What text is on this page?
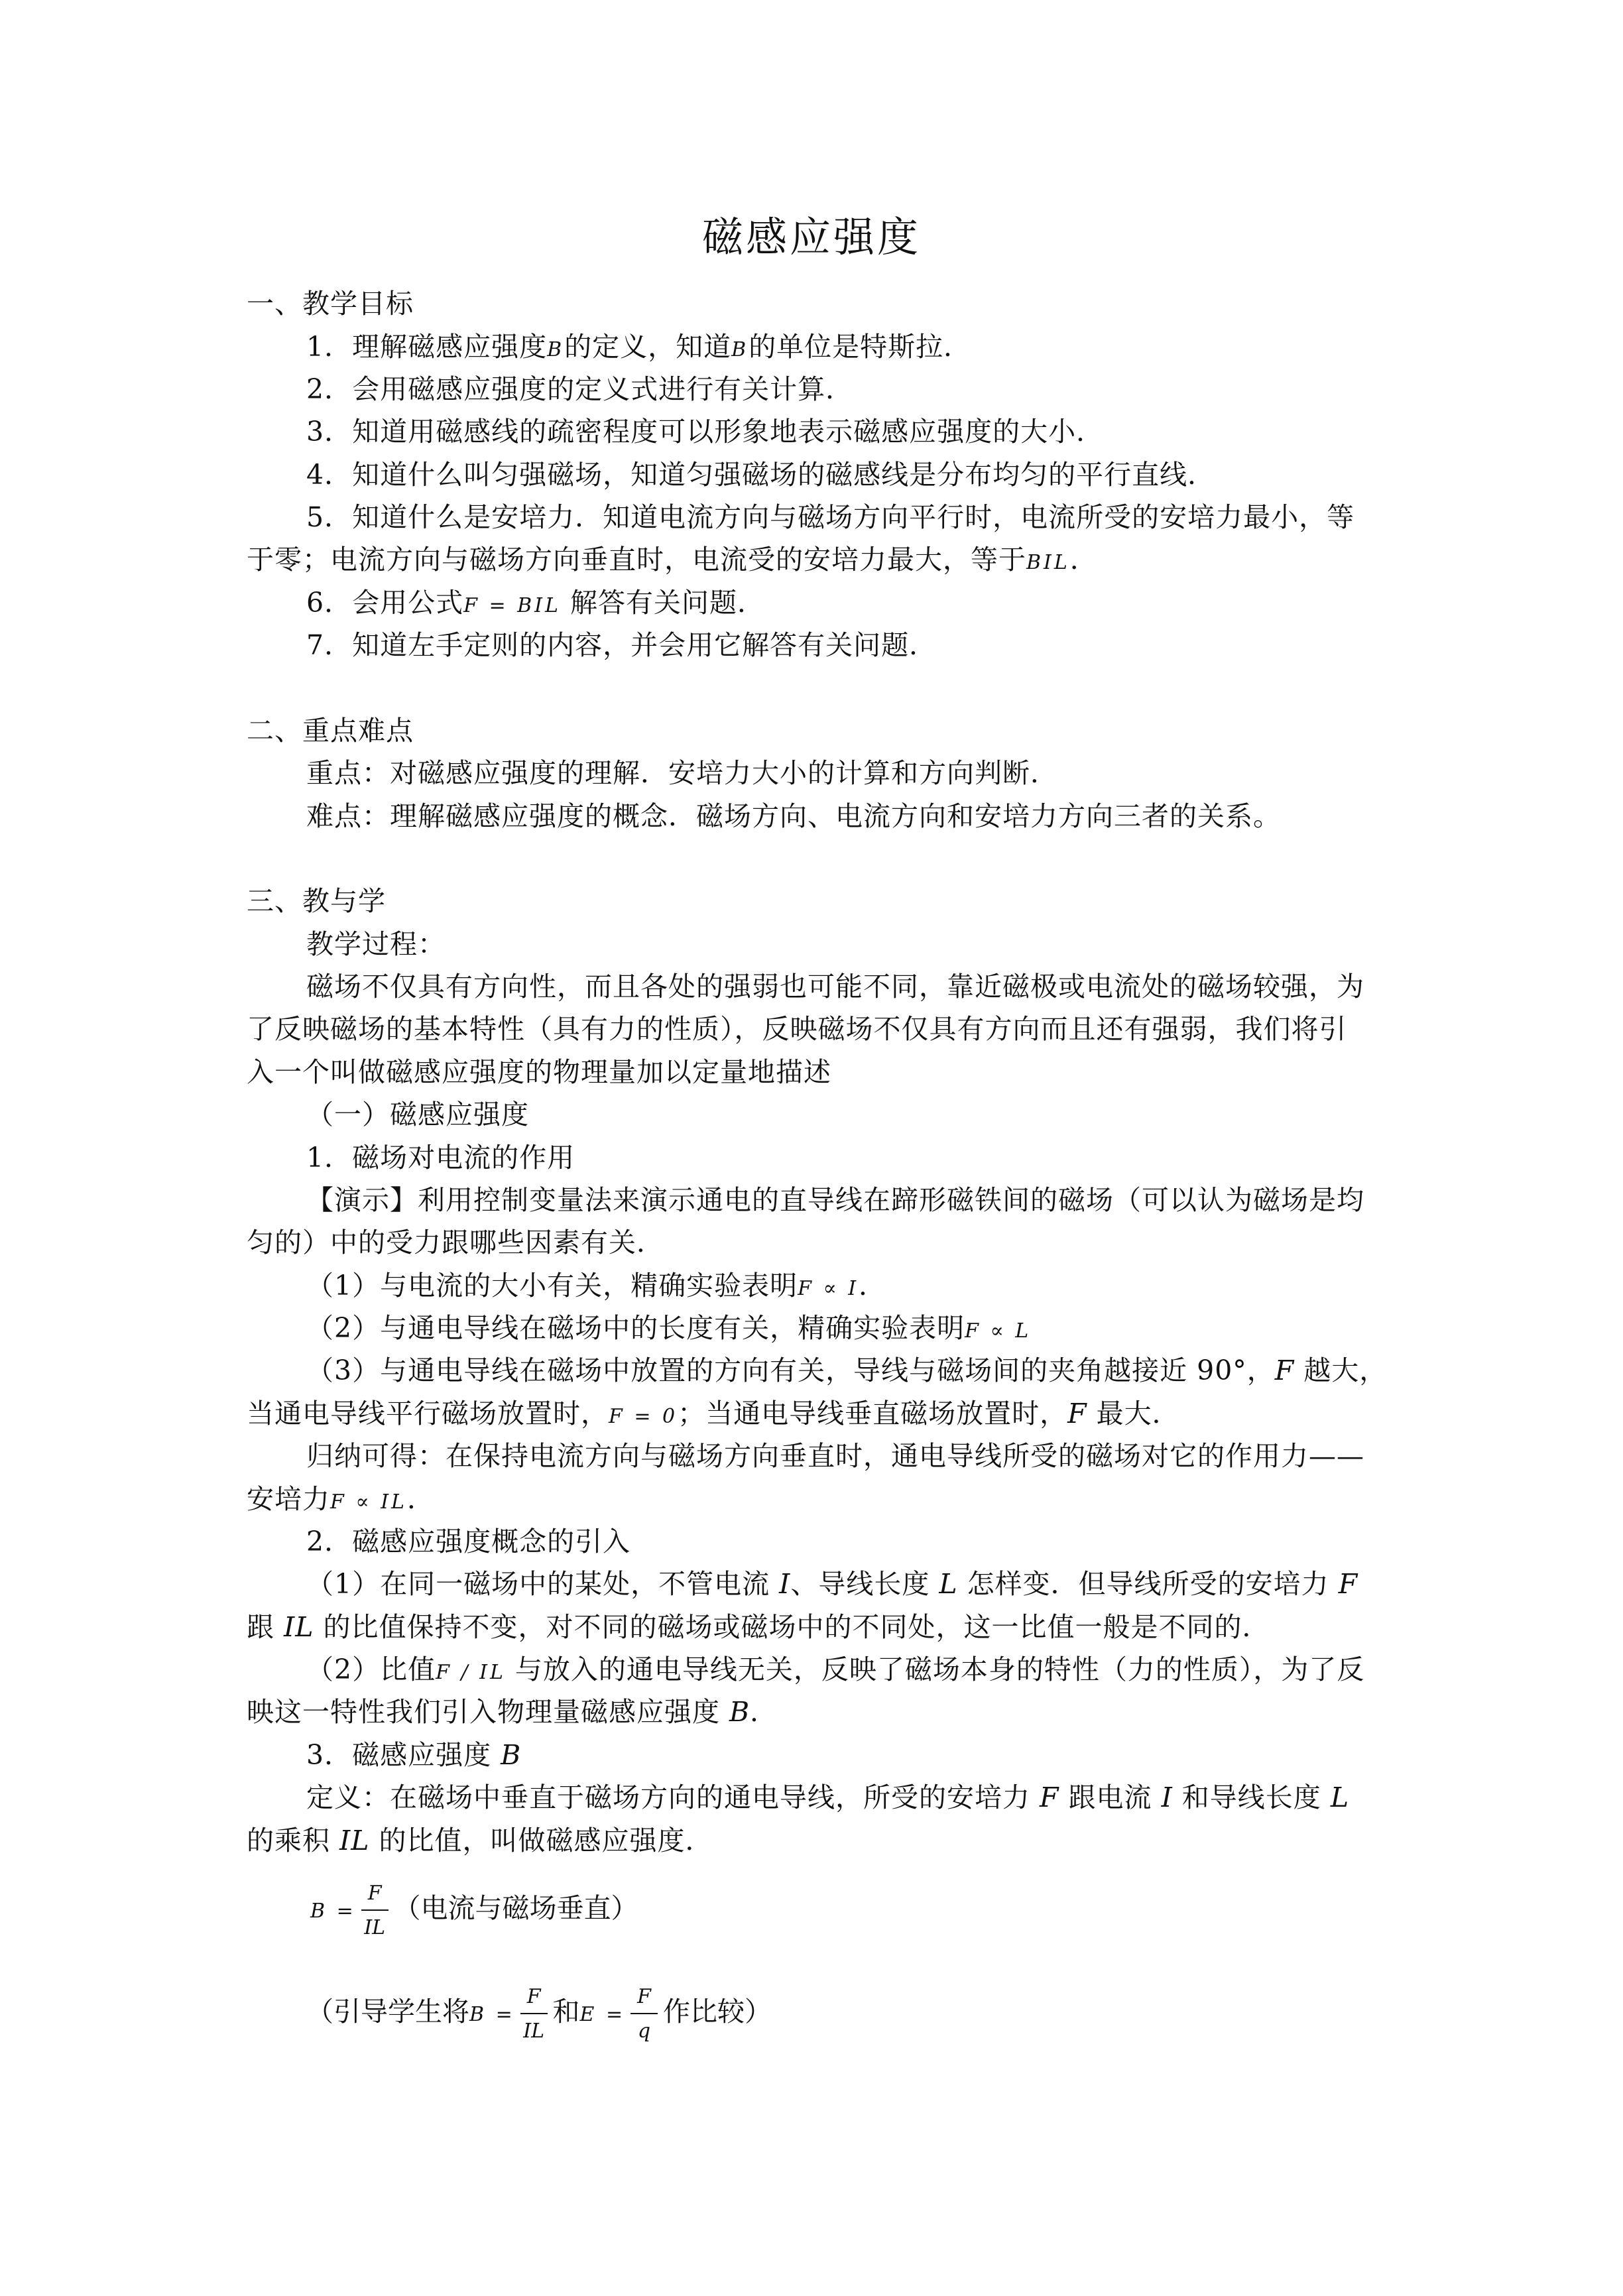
磁感应强度
一、教学目标
1．理解磁感应强度B的定义，知道B的单位是特斯拉．
2．会用磁感应强度的定义式进行有关计算．
3．知道用磁感线的疏密程度可以形象地表示磁感应强度的大小．
4．知道什么叫匀强磁场，知道匀强磁场的磁感线是分布均匀的平行直线．
5．知道什么是安培力．知道电流方向与磁场方向平行时，电流所受的安培力最小，等
于零；电流方向与磁场方向垂直时，电流受的安培力最大，等于BIL．
6．会用公式F = BIL 解答有关问题．
7．知道左手定则的内容，并会用它解答有关问题．
二、重点难点
重点：对磁感应强度的理解．安培力大小的计算和方向判断．
难点：理解磁感应强度的概念．磁场方向、电流方向和安培力方向三者的关系。
三、教与学
教学过程：
磁场不仅具有方向性，而且各处的强弱也可能不同，靠近磁极或电流处的磁场较强，为
了反映磁场的基本特性（具有力的性质），反映磁场不仅具有方向而且还有强弱，我们将引
入一个叫做磁感应强度的物理量加以定量地描述
（一）磁感应强度
1．磁场对电流的作用
【演示】利用控制变量法来演示通电的直导线在蹄形磁铁间的磁场（可以认为磁场是均
匀的）中的受力跟哪些因素有关．
（1）与电流的大小有关，精确实验表明F ∝ I．
（2）与通电导线在磁场中的长度有关，精确实验表明F ∝ L
（3）与通电导线在磁场中放置的方向有关，导线与磁场间的夹角越接近 90°，F 越大，
当通电导线平行磁场放置时，F = 0；当通电导线垂直磁场放置时，F 最大．
归纳可得：在保持电流方向与磁场方向垂直时，通电导线所受的磁场对它的作用力——
安培力F ∝ IL．
2．磁感应强度概念的引入
（1）在同一磁场中的某处，不管电流 I、导线长度 L 怎样变．但导线所受的安培力 F
跟 IL 的比值保持不变，对不同的磁场或磁场中的不同处，这一比值一般是不同的．
（2）比值F / IL 与放入的通电导线无关，反映了磁场本身的特性（力的性质），为了反
映这一特性我们引入物理量磁感应强度 B．
3．磁感应强度 B
定义：在磁场中垂直于磁场方向的通电导线，所受的安培力 F 跟电流 I 和导线长度 L
的乘积 IL 的比值，叫做磁感应强度．
$B = \frac{F}{IL}$ （电流与磁场垂直）
（引导学生将$B = \frac{F}{IL}$ 和$E = \frac{F}{q}$ 作比较）
